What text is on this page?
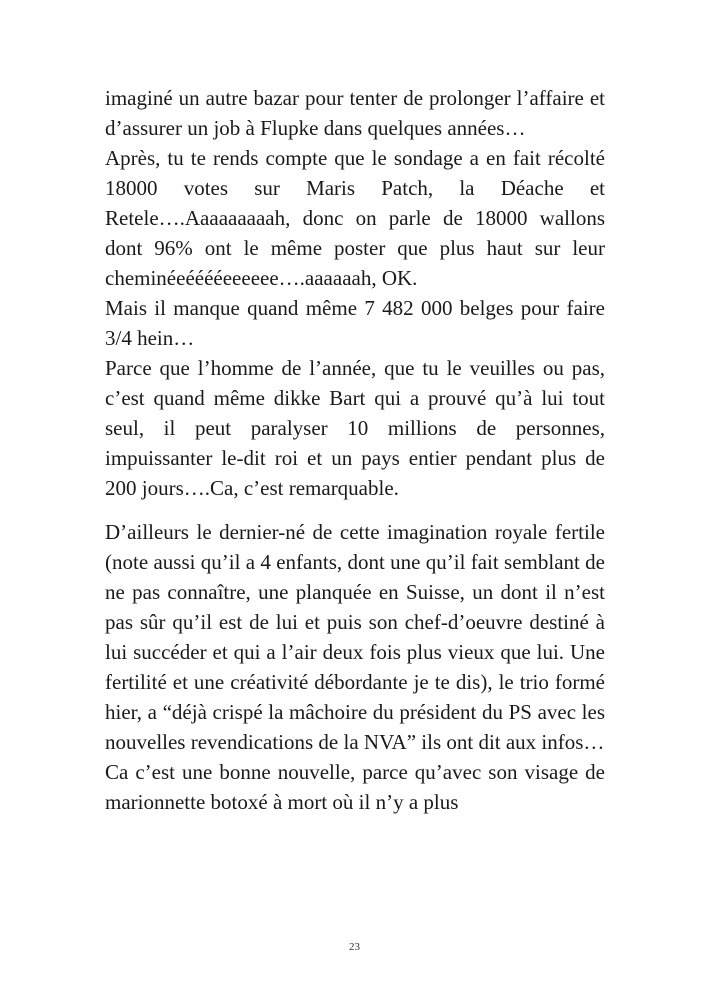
imaginé un autre bazar pour tenter de prolonger l’affaire et d’assurer un job à Flupke dans quelques années…

Après, tu te rends compte que le sondage a en fait récolté 18000 votes sur Maris Patch, la Déache et Retele….Aaaaaaaaah, donc on parle de 18000 wallons dont 96% ont le même poster que plus haut sur leur cheminéeééééeeeeee….aaaaaah, OK.

Mais il manque quand même 7 482 000 belges pour faire 3/4 hein…

Parce que l’homme de l’année, que tu le veuilles ou pas, c’est quand même dikke Bart qui a prouvé qu’à lui tout seul, il peut paralyser 10 millions de personnes, impuissanter le-dit roi et un pays entier pendant plus de 200 jours….Ca, c’est remarquable.

D’ailleurs le dernier-né de cette imagination royale fertile (note aussi qu’il a 4 enfants, dont une qu’il fait semblant de ne pas connaître, une planquée en Suisse, un dont il n’est pas sûr qu’il est de lui et puis son chef-d’oeuvre destiné à lui succéder et qui a l’air deux fois plus vieux que lui. Une fertilité et une créativité débordante je te dis), le trio formé hier, a “déjà crispé la mâchoire du président du PS avec les nouvelles revendications de la NVA” ils ont dit aux infos…

Ca c’est une bonne nouvelle, parce qu’avec son visage de marionnette botoxé à mort où il n’y a plus

23
